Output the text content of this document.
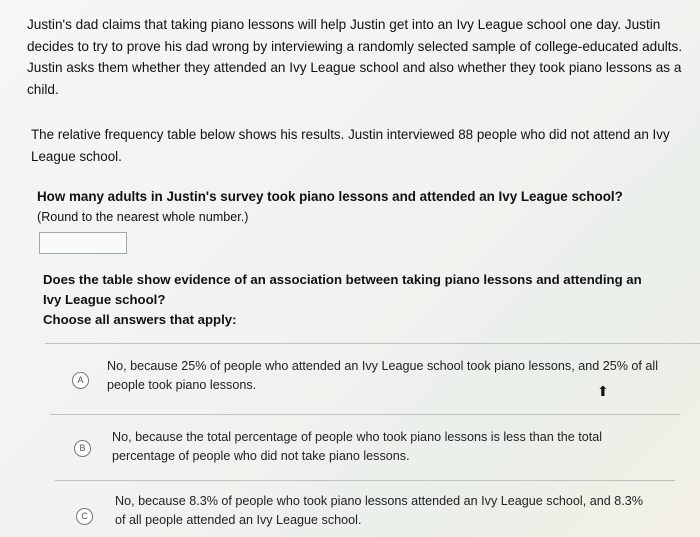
Justin's dad claims that taking piano lessons will help Justin get into an Ivy League school one day. Justin decides to try to prove his dad wrong by interviewing a randomly selected sample of college-educated adults. Justin asks them whether they attended an Ivy League school and also whether they took piano lessons as a child.

The relative frequency table below shows his results. Justin interviewed 88 people who did not attend an Ivy League school.

How many adults in Justin's survey took piano lessons and attended an Ivy League school?

(Round to the nearest whole number.)

Does the table show evidence of an association between taking piano lessons and attending an Ivy League school?

Choose all answers that apply:

A

No, because 25% of people who attended an Ivy League school took piano lessons, and 25% of all people took piano lessons.

B

No, because the total percentage of people who took piano lessons is less than the total percentage of people who did not take piano lessons.

C

No, because 8.3% of people who took piano lessons attended an Ivy League school, and 8.3% of all people attended an Ivy League school.

⬆
